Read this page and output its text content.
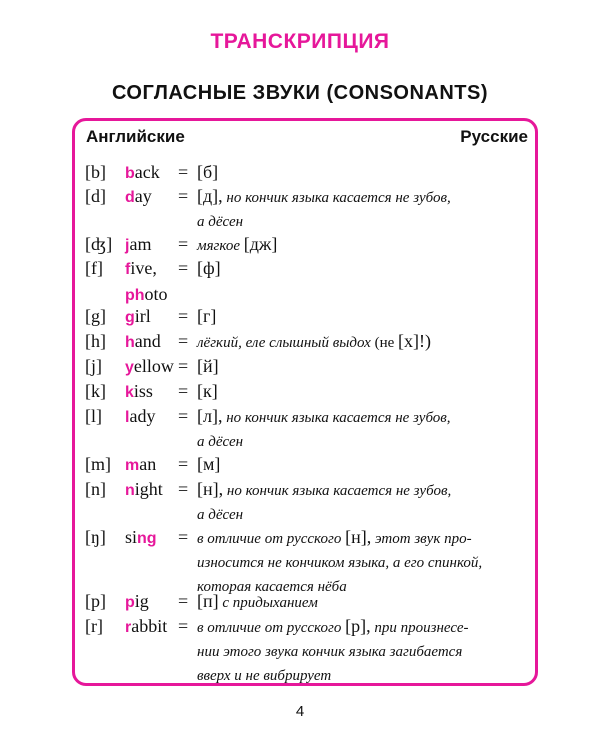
ТРАНСКРИПЦИЯ
СОГЛАСНЫЕ ЗВУКИ (CONSONANTS)
Английские	Русские
[b] back = [б]
[d] day = [д], но кончик языка касается не зубов,
а дёсен
[ʤ] jam = мягкое [дж]
[f] five,
photo
= [ф]
[g] girl = [г]
[h] hand = лёгкий, еле слышный выдох (не [х]!)
[j] yellow = [й]
[k] kiss = [к]
[l] lady = [л], но кончик языка касается не зубов,
а дёсен
[m] man = [м]
[n] night = [н], но кончик языка касается не зубов,
а дёсен
[ŋ] sing = в отличие от русского [н], этот звук про-
износится не кончиком языка, а его спинкой,
которая касается нёба
[p] pig = [п] с придыханием
[r] rabbit = в отличие от русского [р], при произнесе-
нии этого звука кончик языка загибается
вверх и не вибрирует
4
